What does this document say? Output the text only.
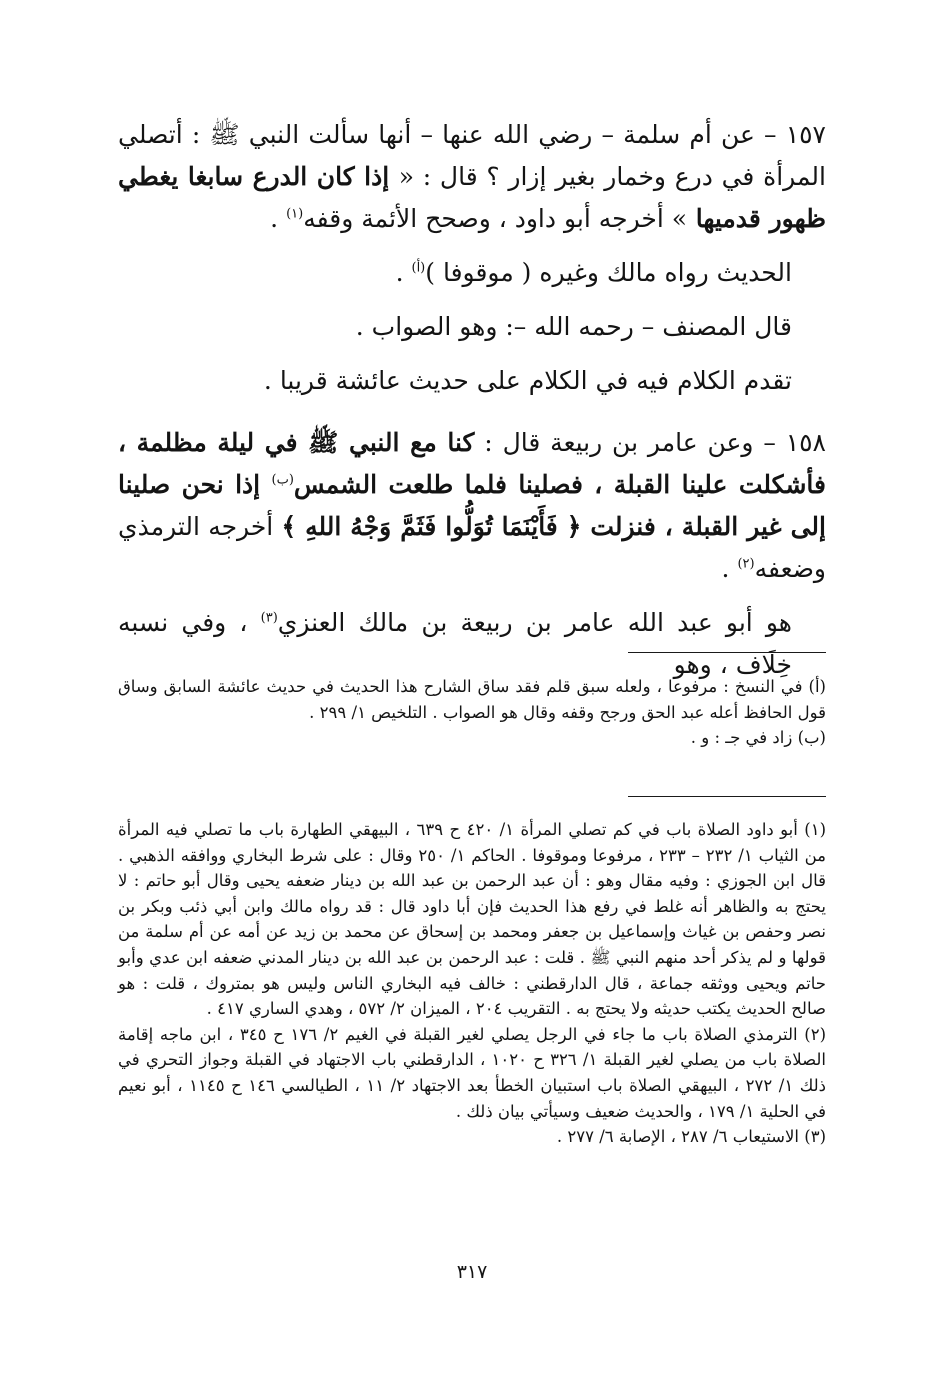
١٥٧ – عن أم سلمة – رضي الله عنها – أنها سألت النبي ﷺ : أتصلي المرأة في درع وخمار بغير إزار ؟ قال : « إذا كان الدرع سابغا يغطي ظهور قدميها » أخرجه أبو داود ، وصحح الأئمة وقفه$^{(١)}$ .

الحديث رواه مالك وغيره ( موقوفا )$^{(أ)}$ .

قال المصنف – رحمه الله –: وهو الصواب .

تقدم الكلام فيه في الكلام على حديث عائشة قريبا .

١٥٨ – وعن عامر بن ربيعة قال : كنا مع النبي ﷺ في ليلة مظلمة ، فأشكلت علينا القبلة ، فصلينا فلما طلعت الشمس$^{(ب)}$ إذا نحن صلينا إلى غير القبلة ، فنزلت ﴿ فَأَيْنَمَا تُوَلُّوا فَثَمَّ وَجْهُ اللهِ ﴾ أخرجه الترمذي وضعفه$^{(٢)}$ .

هو أبو عبد الله عامر بن ربيعة بن مالك العنزي$^{(٣)}$ ، وفي نسبه خِلَاف ، وهو

(أ) في النسخ : مرفوعا ، ولعله سبق قلم فقد ساق الشارح هذا الحديث في حديث عائشة السابق وساق قول الحافظ أعله عبد الحق ورجح وقفه وقال هو الصواب . التلخيص ١/ ٢٩٩ .

(ب) زاد في جـ : و .

(١) أبو داود الصلاة باب في كم تصلي المرأة ١/ ٤٢٠ ح ٦٣٩ ، البيهقي الطهارة باب ما تصلي فيه المرأة من الثياب ١/ ٢٣٢ – ٢٣٣ ، مرفوعا وموقوفا . الحاكم ١/ ٢٥٠ وقال : على شرط البخاري ووافقه الذهبي . قال ابن الجوزي : وفيه مقال وهو : أن عبد الرحمن بن عبد الله بن دينار ضعفه يحيى وقال أبو حاتم : لا يحتج به والظاهر أنه غلط في رفع هذا الحديث فإن أبا داود قال : قد رواه مالك وابن أبي ذئب وبكر بن نصر وحفص بن غياث وإسماعيل بن جعفر ومحمد بن إسحاق عن محمد بن زيد عن أمه عن أم سلمة من قولها و لم يذكر أحد منهم النبي ﷺ . قلت : عبد الرحمن بن عبد الله بن دينار المدني ضعفه ابن عدي وأبو حاتم ويحيى ووثقه جماعة ، قال الدارقطني : خالف فيه البخاري الناس وليس هو بمتروك ، قلت : هو صالح الحديث يكتب حديثه ولا يحتج به . التقريب ٢٠٤ ، الميزان ٢/ ٥٧٢ ، وهدي الساري ٤١٧ .

(٢) الترمذي الصلاة باب ما جاء في الرجل يصلي لغير القبلة في الغيم ٢/ ١٧٦ ح ٣٤٥ ، ابن ماجه إقامة الصلاة باب من يصلي لغير القبلة ١/ ٣٢٦ ح ١٠٢٠ ، الدارقطني باب الاجتهاد في القبلة وجواز التحري في ذلك ١/ ٢٧٢ ، البيهقي الصلاة باب استبيان الخطأ بعد الاجتهاد ٢/ ١١ ، الطيالسي ١٤٦ ح ١١٤٥ ، أبو نعيم في الحلية ١/ ١٧٩ ، والحديث ضعيف وسيأتي بيان ذلك .

(٣) الاستيعاب ٦/ ٢٨٧ ، الإصابة ٦/ ٢٧٧ .

٣١٧
